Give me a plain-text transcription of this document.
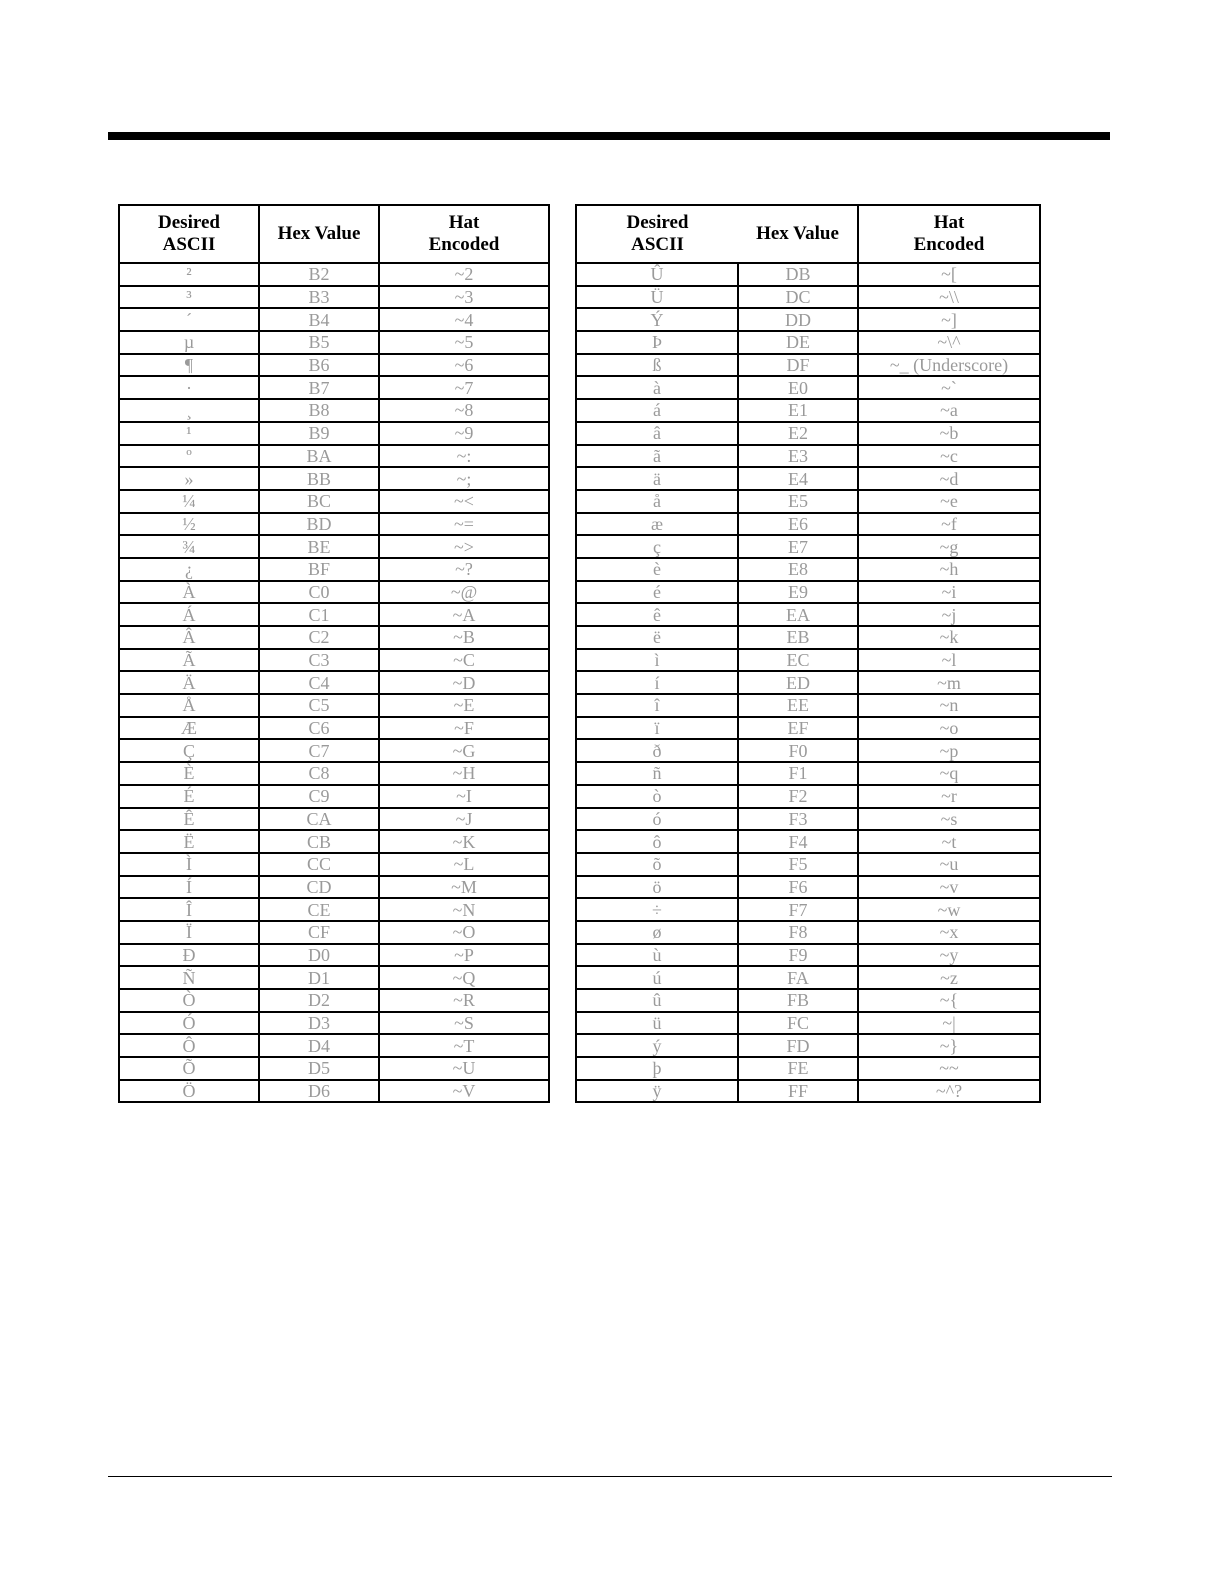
Desired
ASCII	Hex Value	Hat
Encoded
²	B2	~2
³	B3	~3
´	B4	~4
µ	B5	~5
¶	B6	~6
·	B7	~7
¸	B8	~8
¹	B9	~9
º	BA	~:
»	BB	~;
¼	BC	~<
½	BD	~=
¾	BE	~>
¿	BF	~?
À	C0	~@
Á	C1	~A
Â	C2	~B
Ã	C3	~C
Ä	C4	~D
Å	C5	~E
Æ	C6	~F
Ç	C7	~G
È	C8	~H
É	C9	~I
Ê	CA	~J
Ë	CB	~K
Ì	CC	~L
Í	CD	~M
Î	CE	~N
Ï	CF	~O
Ð	D0	~P
Ñ	D1	~Q
Ò	D2	~R
Ó	D3	~S
Ô	D4	~T
Õ	D5	~U
Ö	D6	~V
Desired
ASCII	Hex Value	Hat
Encoded
Û	DB	~[
Ü	DC	~\\
Ý	DD	~]
Þ	DE	~\^
ß	DF	~_ (Underscore)
à	E0	~`
á	E1	~a
â	E2	~b
ã	E3	~c
ä	E4	~d
å	E5	~e
æ	E6	~f
ç	E7	~g
è	E8	~h
é	E9	~i
ê	EA	~j
ë	EB	~k
ì	EC	~l
í	ED	~m
î	EE	~n
ï	EF	~o
ð	F0	~p
ñ	F1	~q
ò	F2	~r
ó	F3	~s
ô	F4	~t
õ	F5	~u
ö	F6	~v
÷	F7	~w
ø	F8	~x
ù	F9	~y
ú	FA	~z
û	FB	~{
ü	FC	~|
ý	FD	~}
þ	FE	~~
ÿ	FF	~^?
